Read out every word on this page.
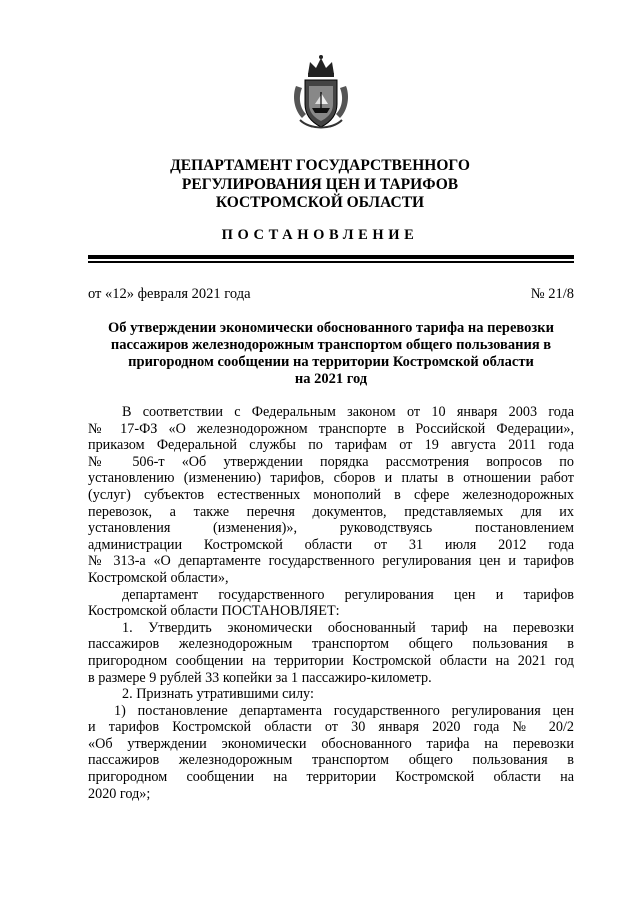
ДЕПАРТАМЕНТ ГОСУДАРСТВЕННОГО
РЕГУЛИРОВАНИЯ ЦЕН И ТАРИФОВ
КОСТРОМСКОЙ ОБЛАСТИ
ПОСТАНОВЛЕНИЕ
от «12» февраля 2021 года	№ 21/8
Об утверждении экономически обоснованного тарифа на перевозки
пассажиров железнодорожным транспортом общего пользования в
пригородном сообщении на территории Костромской области
на 2021 год

В соответствии с Федеральным законом от 10 января 2003 года
№ 17-ФЗ «О железнодорожном транспорте в Российской Федерации»,
приказом Федеральной службы по тарифам от 19 августа 2011 года
№ 506-т «Об утверждении порядка рассмотрения вопросов по
установлению (изменению) тарифов, сборов и платы в отношении работ
(услуг) субъектов естественных монополий в сфере железнодорожных
перевозок, а также перечня документов, представляемых для их
установления (изменения)», руководствуясь постановлением
администрации Костромской области от 31 июля 2012 года
№ 313-а «О департаменте государственного регулирования цен и тарифов
Костромской области»,

департамент государственного регулирования цен и тарифов
Костромской области ПОСТАНОВЛЯЕТ:

1. Утвердить экономически обоснованный тариф на перевозки
пассажиров железнодорожным транспортом общего пользования в
пригородном сообщении на территории Костромской области на 2021 год
в размере 9 рублей 33 копейки за 1 пассажиро-километр.

2. Признать утратившими силу:

1) постановление департамента государственного регулирования цен
и тарифов Костромской области от 30 января 2020 года № 20/2
«Об утверждении экономически обоснованного тарифа на перевозки
пассажиров железнодорожным транспортом общего пользования в
пригородном сообщении на территории Костромской области на
2020 год»;
